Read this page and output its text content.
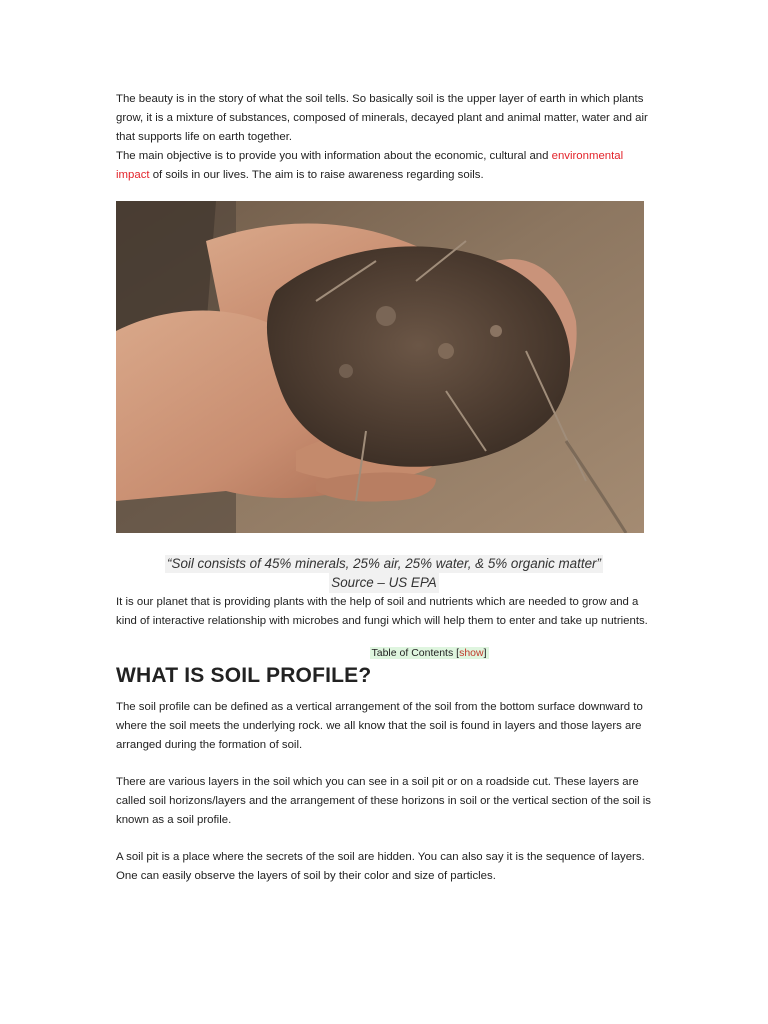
The beauty is in the story of what the soil tells. So basically soil is the upper layer of earth in which plants grow, it is a mixture of substances, composed of minerals, decayed plant and animal matter, water and air that supports life on earth together.

The main objective is to provide you with information about the economic, cultural and environmental impact of soils in our lives. The aim is to raise awareness regarding soils.

“Soil consists of 45% minerals, 25% air, 25% water, & 5% organic matter”
Source – US EPA

It is our planet that is providing plants with the help of soil and nutrients which are needed to grow and a kind of interactive relationship with microbes and fungi which will help them to enter and take up nutrients.

Table of Contents [show]
WHAT IS SOIL PROFILE?

The soil profile can be defined as a vertical arrangement of the soil from the bottom surface downward to where the soil meets the underlying rock. we all know that the soil is found in layers and those layers are arranged during the formation of soil.

There are various layers in the soil which you can see in a soil pit or on a roadside cut. These layers are called soil horizons/layers and the arrangement of these horizons in soil or the vertical section of the soil is known as a soil profile.

A soil pit is a place where the secrets of the soil are hidden. You can also say it is the sequence of layers. One can easily observe the layers of soil by their color and size of particles.
